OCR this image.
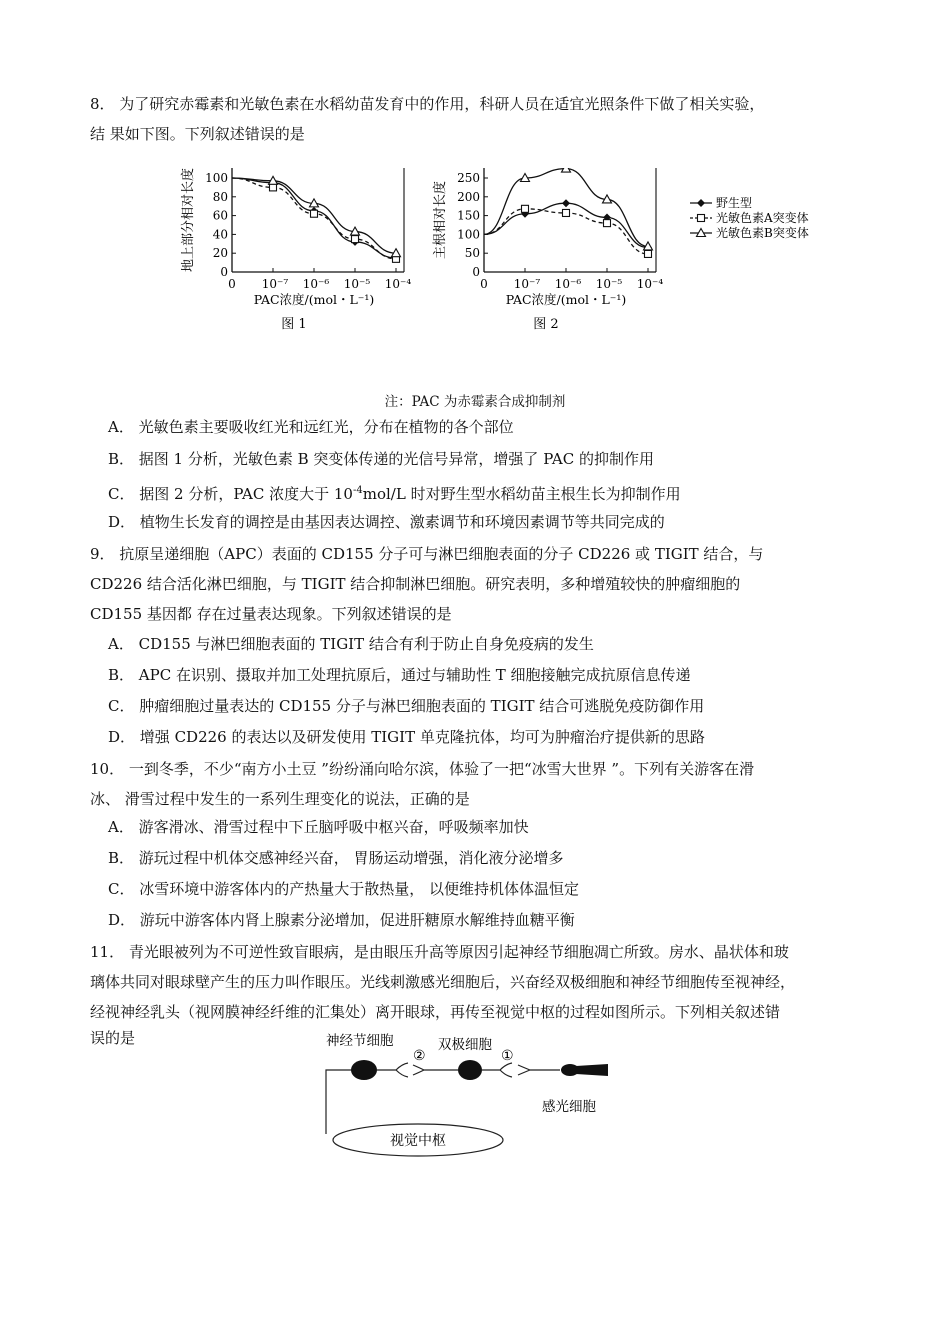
8． 为了研究赤霉素和光敏色素在水稻幼苗发育中的作用，科研人员在适宜光照条件下做了相关实验，
结 果如下图。下列叙述错误的是
0
20
40
60
80
100
0 10⁻⁷ 10⁻⁶ 10⁻⁵ 10⁻⁴
PAC浓度/(mol・L⁻¹)
地上部分相对长度
图 1
0
50
100
150
200
250
0 10⁻⁷ 10⁻⁶ 10⁻⁵ 10⁻⁴
PAC浓度/(mol・L⁻¹)
主根相对长度
图 2
野生型
光敏色素A突变体
光敏色素B突变体
注：PAC 为赤霉素合成抑制剂
A． 光敏色素主要吸收红光和远红光，分布在植物的各个部位
B． 据图 1 分析，光敏色素 B 突变体传递的光信号异常，增强了 PAC 的抑制作用
C． 据图 2 分析，PAC 浓度大于 $10^{-4}mol/L$ 时对野生型水稻幼苗主根生长为抑制作用
D． 植物生长发育的调控是由基因表达调控、激素调节和环境因素调节等共同完成的
9． 抗原呈递细胞（APC）表面的 CD155 分子可与淋巴细胞表面的分子 CD226 或 TIGIT 结合，与
CD226 结合活化淋巴细胞，与 TIGIT 结合抑制淋巴细胞。研究表明，多种增殖较快的肿瘤细胞的
CD155 基因都 存在过量表达现象。下列叙述错误的是
A． CD155 与淋巴细胞表面的 TIGIT 结合有利于防止自身免疫病的发生
B． APC 在识别、摄取并加工处理抗原后，通过与辅助性 T 细胞接触完成抗原信息传递
C． 肿瘤细胞过量表达的 CD155 分子与淋巴细胞表面的 TIGIT 结合可逃脱免疫防御作用
D． 增强 CD226 的表达以及研发使用 TIGIT 单克隆抗体，均可为肿瘤治疗提供新的思路
10． 一到冬季，不少“南方小土豆 ”纷纷涌向哈尔滨，体验了一把“冰雪大世界 ”。下列有关游客在滑
冰、 滑雪过程中发生的一系列生理变化的说法，正确的是
A． 游客滑冰、滑雪过程中下丘脑呼吸中枢兴奋，呼吸频率加快
B． 游玩过程中机体交感神经兴奋， 胃肠运动增强，消化液分泌增多
C． 冰雪环境中游客体内的产热量大于散热量， 以便维持机体体温恒定
D． 游玩中游客体内肾上腺素分泌增加，促进肝糖原水解维持血糖平衡
11． 青光眼被列为不可逆性致盲眼病，是由眼压升高等原因引起神经节细胞凋亡所致。房水、晶状体和玻
璃体共同对眼球壁产生的压力叫作眼压。光线刺激感光细胞后，兴奋经双极细胞和神经节细胞传至视神经，
经视神经乳头（视网膜神经纤维的汇集处）离开眼球，再传至视觉中枢的过程如图所示。下列相关叙述错
误的是	神经节细胞	双极细胞
②	①
感光细胞
视觉中枢
